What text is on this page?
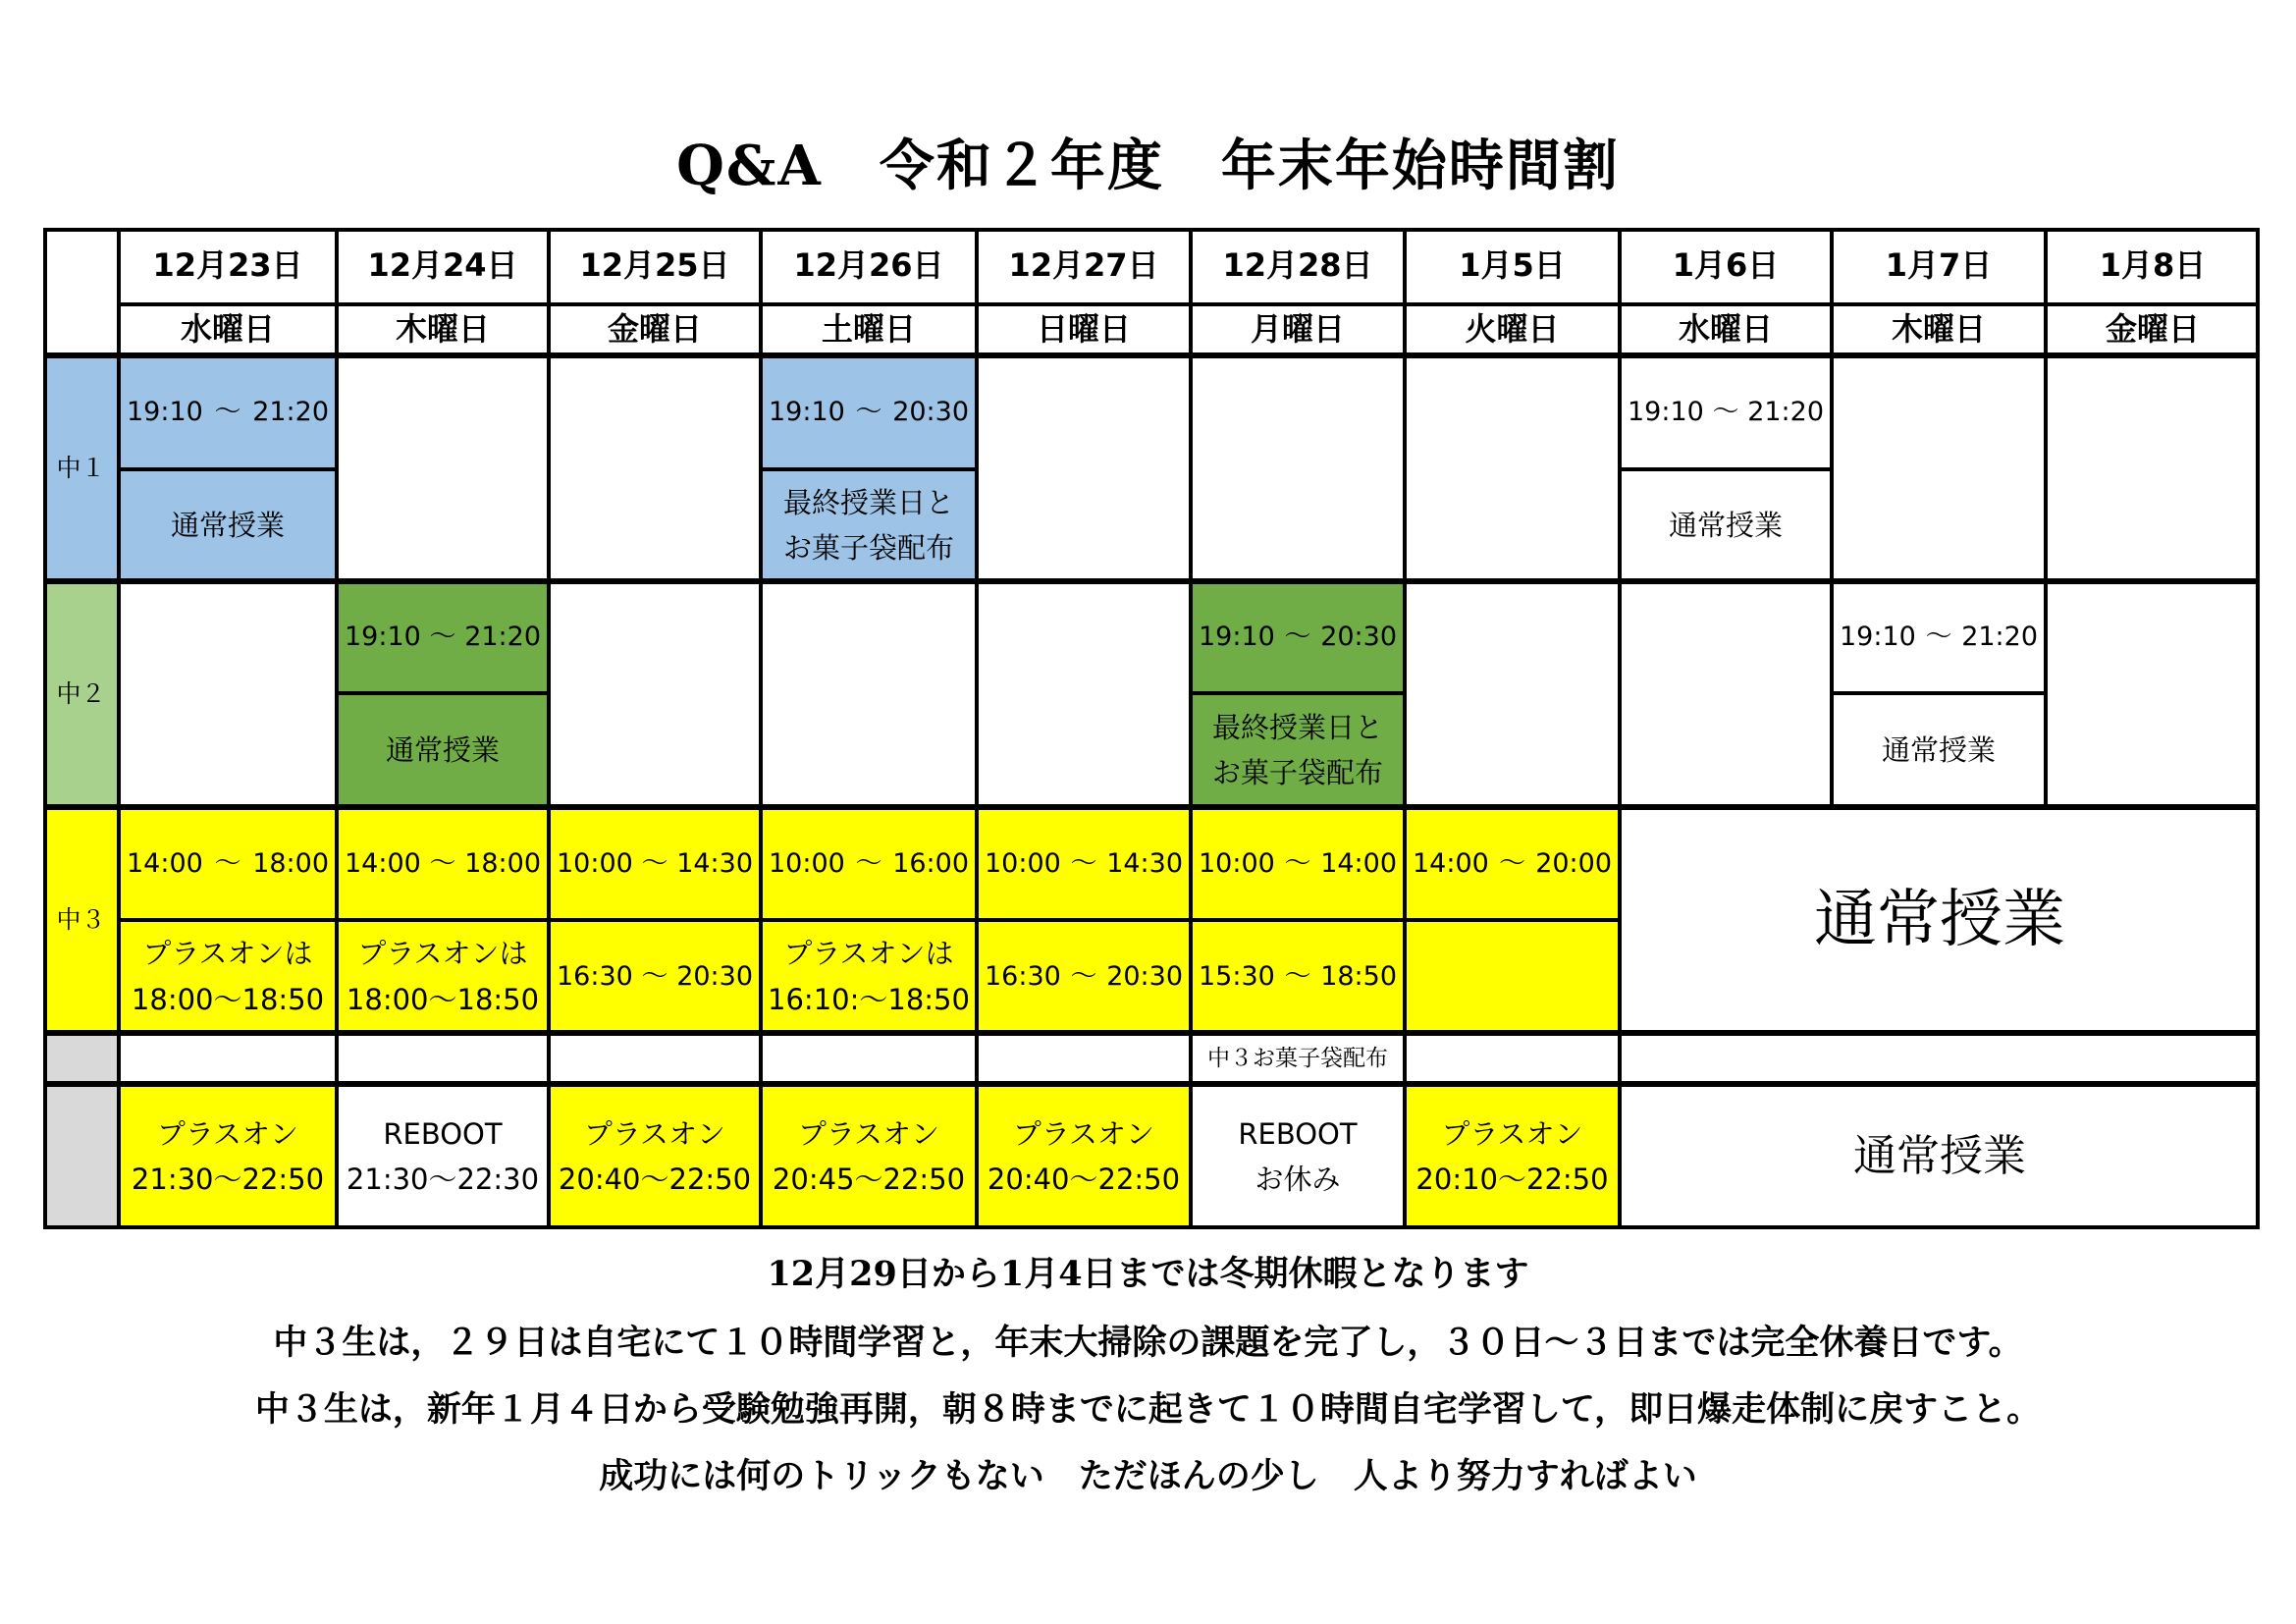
Q&A　令和２年度　年末年始時間割
12月23日
水曜日
12月24日
木曜日
12月25日
金曜日
12月26日
土曜日
12月27日
日曜日
12月28日
月曜日
1月5日
火曜日
1月6日
水曜日
1月7日
木曜日
1月8日
金曜日
中１
19:10 ～ 21:20
通常授業
19:10 ～ 20:30
最終授業日と
お菓子袋配布
19:10 ～ 21:20
通常授業
中２
19:10 ～ 21:20
通常授業
19:10 ～ 20:30
最終授業日と
お菓子袋配布
19:10 ～ 21:20
通常授業
中３
14:00 ～ 18:00
プラスオンは
18:00～18:50
14:00 ～ 18:00
プラスオンは
18:00～18:50
10:00 ～ 14:30
16:30 ～ 20:30
10:00 ～ 16:00
プラスオンは
16:10:～18:50
10:00 ～ 14:30
16:30 ～ 20:30
10:00 ～ 14:00
15:30 ～ 18:50
14:00 ～ 20:00
通常授業
中３お菓子袋配布
プラスオン
21:30～22:50
REBOOT
21:30～22:30
プラスオン
20:40～22:50
プラスオン
20:45～22:50
プラスオン
20:40～22:50
REBOOT
お休み
プラスオン
20:10～22:50	通常授業
12月29日から1月4日までは冬期休暇となります
中３生は，２９日は自宅にて１０時間学習と，年末大掃除の課題を完了し，３０日～３日までは完全休養日です。
中３生は，新年１月４日から受験勉強再開，朝８時までに起きて１０時間自宅学習して，即日爆走体制に戻すこと。
成功には何のトリックもない　ただほんの少し　人より努力すればよい
